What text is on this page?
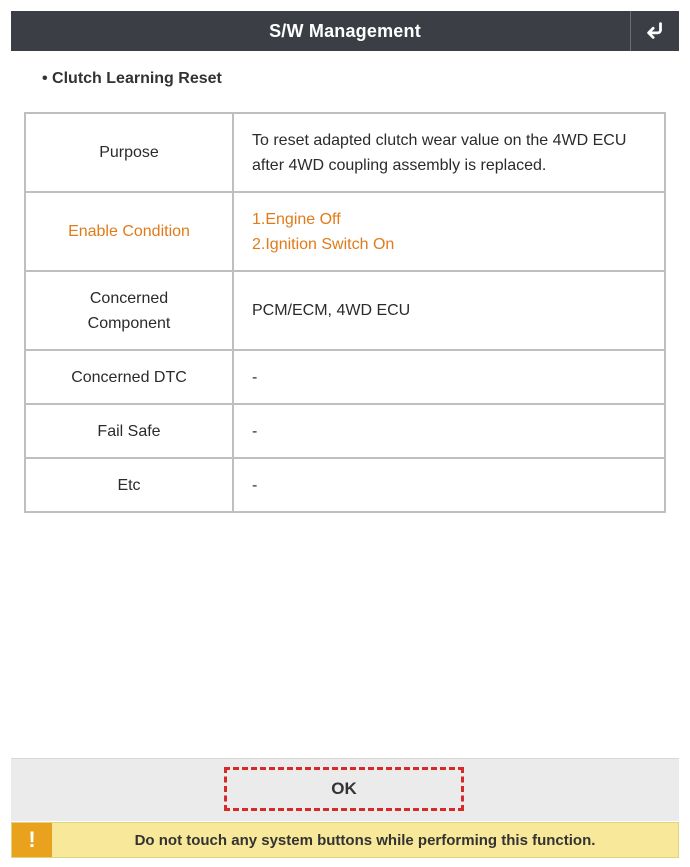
S/W Management
• Clutch Learning Reset
Purpose	To reset adapted clutch wear value on the 4WD ECU
after 4WD coupling assembly is replaced.

Enable Condition	1.Engine Off
2.Ignition Switch On

Concerned
Component	PCM/ECM, 4WD ECU
Concerned DTC	-
Fail Safe	-
Etc	-
OK
!	Do not touch any system buttons while performing this function.
